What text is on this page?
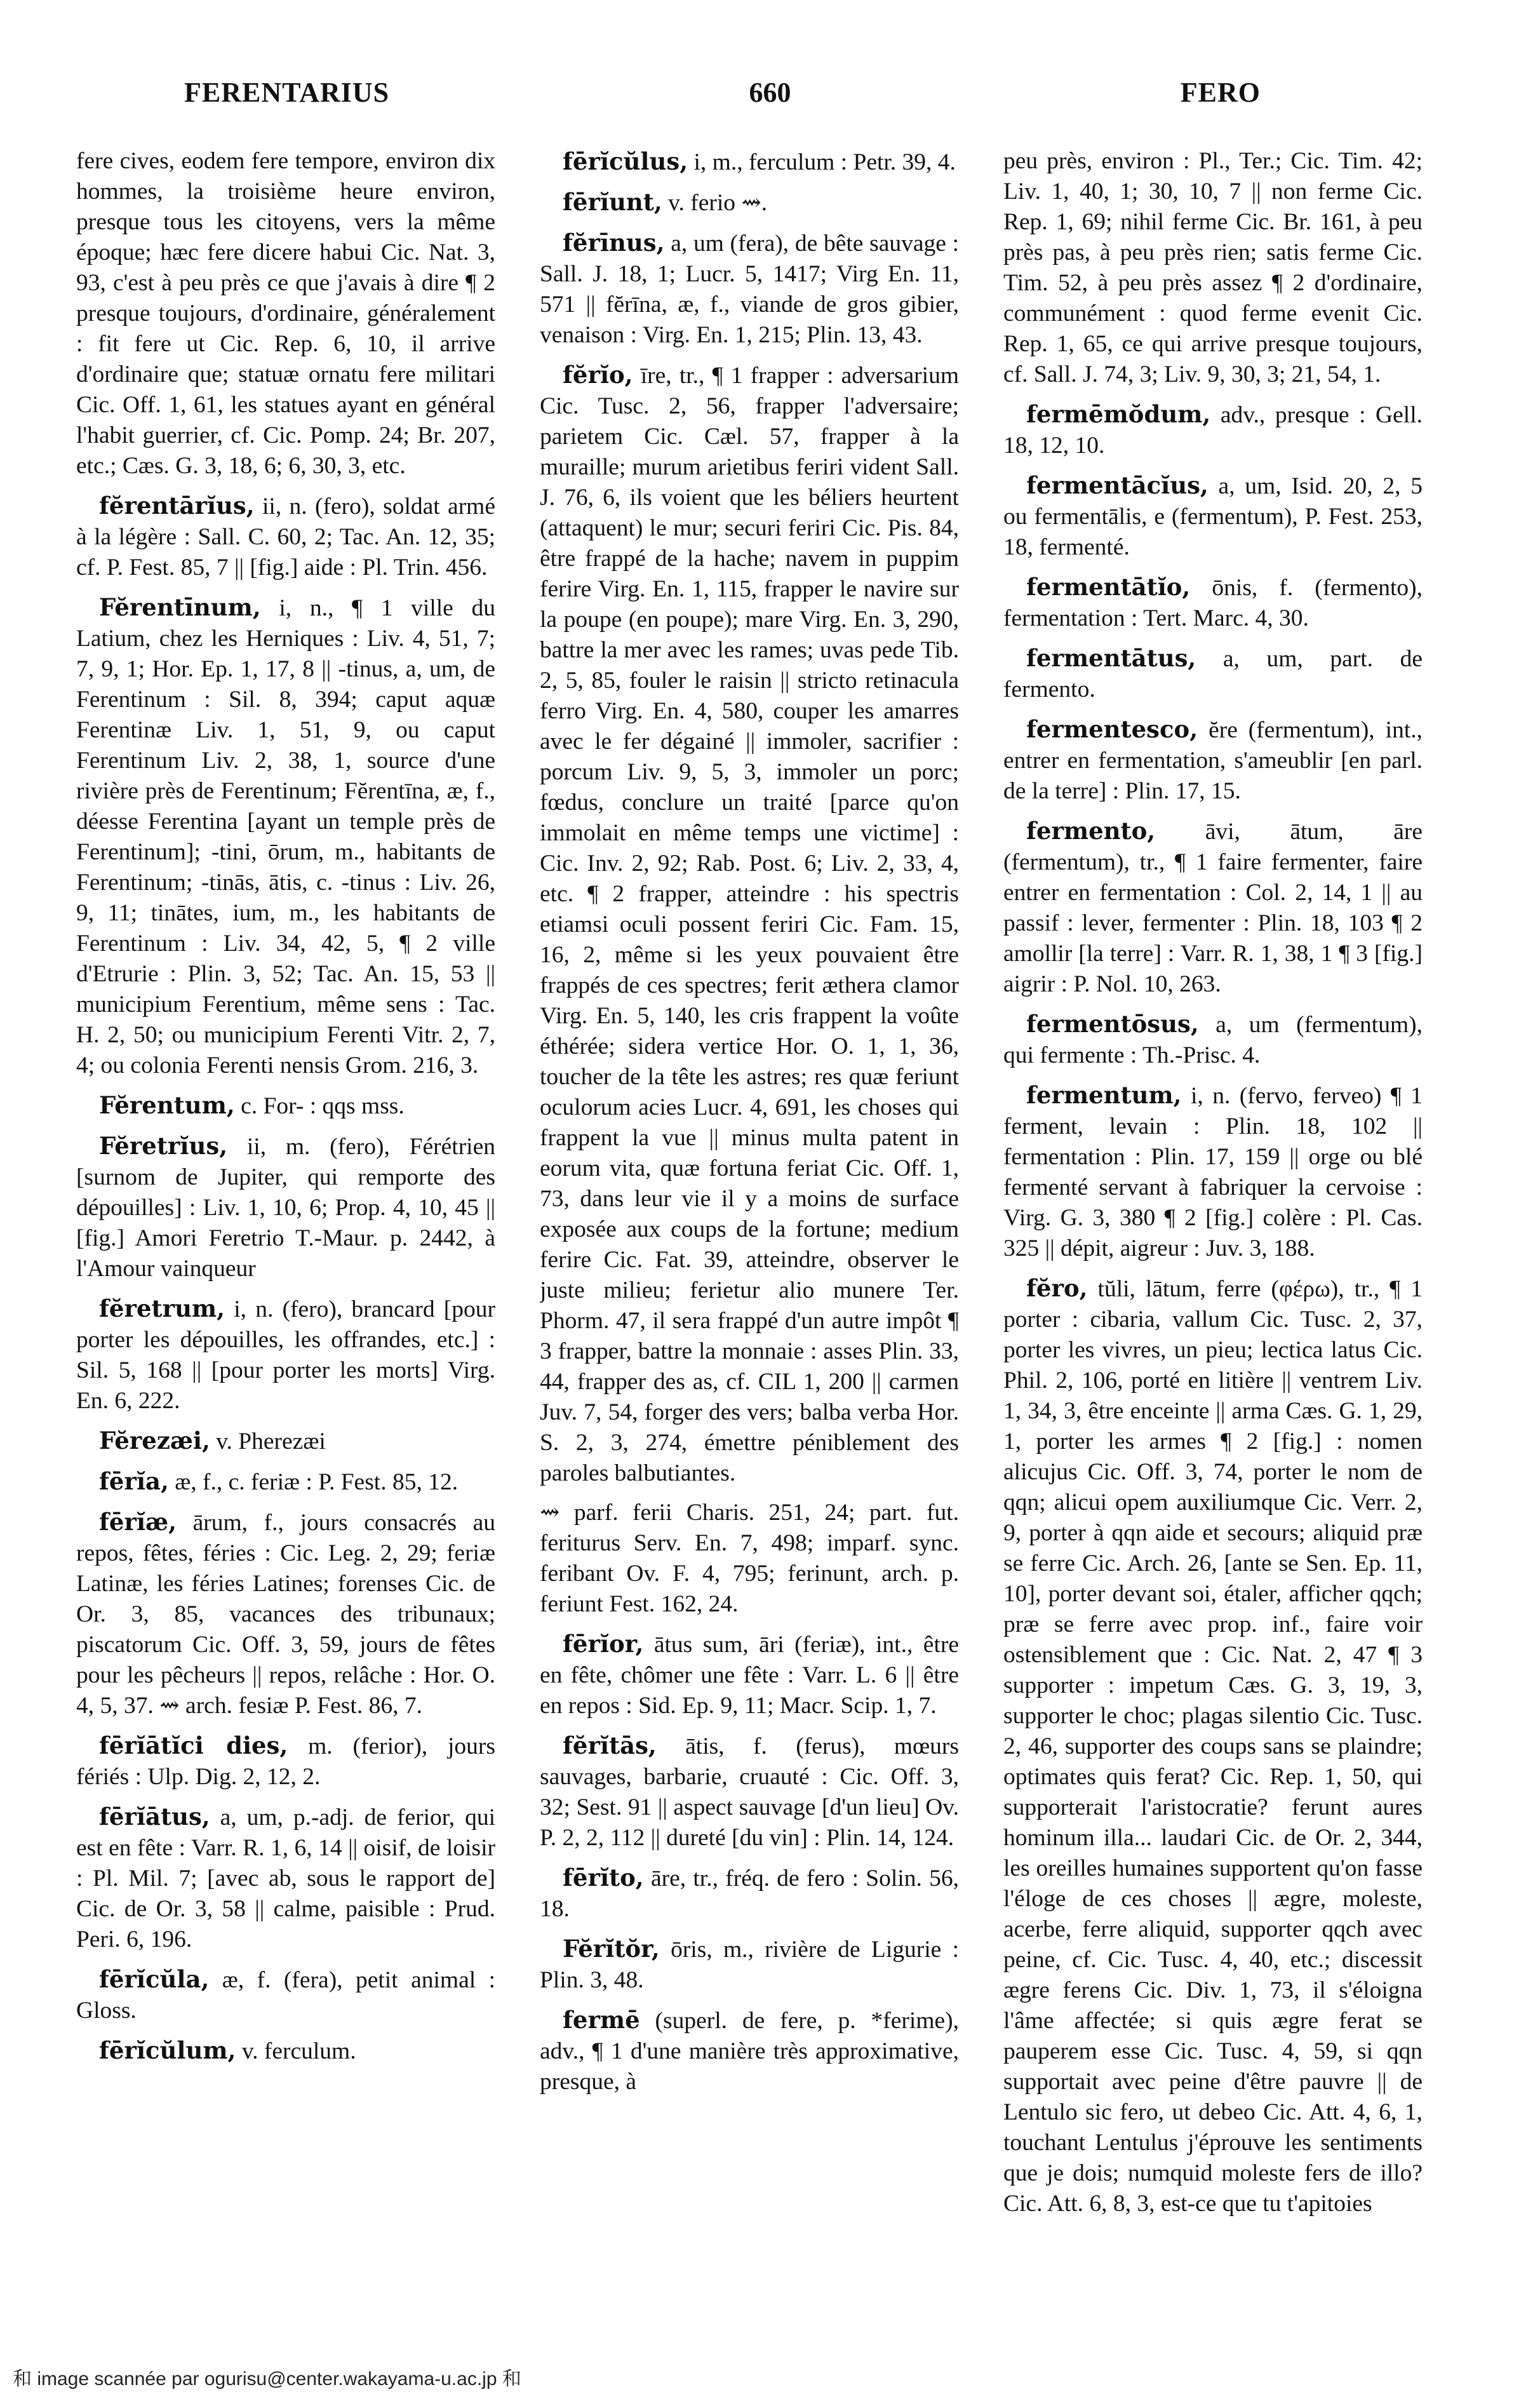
FERENTARIUS	660	FERO

fere cives, eodem fere tempore, environ dix hommes, la troisième heure environ, presque tous les citoyens, vers la même époque; hæc fere dicere habui Cic. Nat. 3, 93, c'est à peu près ce que j'avais à dire ¶ 2 presque toujours, d'ordinaire, généralement : fit fere ut Cic. Rep. 6, 10, il arrive d'ordinaire que; statuæ ornatu fere militari Cic. Off. 1, 61, les statues ayant en général l'habit guerrier, cf. Cic. Pomp. 24; Br. 207, etc.; Cæs. G. 3, 18, 6; 6, 30, 3, etc.

fĕrentārĭus, ii, n. (fero), soldat armé à la légère : Sall. C. 60, 2; Tac. An. 12, 35; cf. P. Fest. 85, 7 || [fig.] aide : Pl. Trin. 456.

Fĕrentīnum, i, n., ¶ 1 ville du Latium, chez les Herniques : Liv. 4, 51, 7; 7, 9, 1; Hor. Ep. 1, 17, 8 || -tinus, a, um, de Ferentinum : Sil. 8, 394; caput aquæ Ferentinæ Liv. 1, 51, 9, ou caput Ferentinum Liv. 2, 38, 1, source d'une rivière près de Ferentinum; Fĕrentīna, æ, f., déesse Ferentina [ayant un temple près de Ferentinum]; -tini, ōrum, m., habitants de Ferentinum; -tinās, ātis, c. -tinus : Liv. 26, 9, 11; tinātes, ium, m., les habitants de Ferentinum : Liv. 34, 42, 5, ¶ 2 ville d'Etrurie : Plin. 3, 52; Tac. An. 15, 53 || municipium Ferentium, même sens : Tac. H. 2, 50; ou municipium Ferenti Vitr. 2, 7, 4; ou colonia Ferenti nensis Grom. 216, 3.

Fĕrentum, c. For- : qqs mss.

Fĕretrĭus, ii, m. (fero), Férétrien [surnom de Jupiter, qui remporte des dépouilles] : Liv. 1, 10, 6; Prop. 4, 10, 45 || [fig.] Amori Feretrio T.-Maur. p. 2442, à l'Amour vainqueur

fĕretrum, i, n. (fero), brancard [pour porter les dépouilles, les offrandes, etc.] : Sil. 5, 168 || [pour porter les morts] Virg. En. 6, 222.

Fĕrezæi, v. Pherezæi

fērĭa, æ, f., c. feriæ : P. Fest. 85, 12.

fērĭæ, ārum, f., jours consacrés au repos, fêtes, féries : Cic. Leg. 2, 29; feriæ Latinæ, les féries Latines; forenses Cic. de Or. 3, 85, vacances des tribunaux; piscatorum Cic. Off. 3, 59, jours de fêtes pour les pêcheurs || repos, relâche : Hor. O. 4, 5, 37. ⇝ arch. fesiæ P. Fest. 86, 7.

fērĭātĭci dies, m. (ferior), jours fériés : Ulp. Dig. 2, 12, 2.

fērĭātus, a, um, p.-adj. de ferior, qui est en fête : Varr. R. 1, 6, 14 || oisif, de loisir : Pl. Mil. 7; [avec ab, sous le rapport de] Cic. de Or. 3, 58 || calme, paisible : Prud. Peri. 6, 196.

fērĭcŭla, æ, f. (fera), petit animal : Gloss.

fērĭcŭlum, v. ferculum.

fērĭcŭlus, i, m., ferculum : Petr. 39, 4.

fērĭunt, v. ferio ⇝.

fĕrīnus, a, um (fera), de bête sauvage : Sall. J. 18, 1; Lucr. 5, 1417; Virg En. 11, 571 || fĕrīna, æ, f., viande de gros gibier, venaison : Virg. En. 1, 215; Plin. 13, 43.

fĕrĭo, īre, tr., ¶ 1 frapper : adversarium Cic. Tusc. 2, 56, frapper l'adversaire; parietem Cic. Cæl. 57, frapper à la muraille; murum arietibus feriri vident Sall. J. 76, 6, ils voient que les béliers heurtent (attaquent) le mur; securi feriri Cic. Pis. 84, être frappé de la hache; navem in puppim ferire Virg. En. 1, 115, frapper le navire sur la poupe (en poupe); mare Virg. En. 3, 290, battre la mer avec les rames; uvas pede Tib. 2, 5, 85, fouler le raisin || stricto retinacula ferro Virg. En. 4, 580, couper les amarres avec le fer dégainé || immoler, sacrifier : porcum Liv. 9, 5, 3, immoler un porc; fœdus, conclure un traité [parce qu'on immolait en même temps une victime] : Cic. Inv. 2, 92; Rab. Post. 6; Liv. 2, 33, 4, etc. ¶ 2 frapper, atteindre : his spectris etiamsi oculi possent feriri Cic. Fam. 15, 16, 2, même si les yeux pouvaient être frappés de ces spectres; ferit æthera clamor Virg. En. 5, 140, les cris frappent la voûte éthérée; sidera vertice Hor. O. 1, 1, 36, toucher de la tête les astres; res quæ feriunt oculorum acies Lucr. 4, 691, les choses qui frappent la vue || minus multa patent in eorum vita, quæ fortuna feriat Cic. Off. 1, 73, dans leur vie il y a moins de surface exposée aux coups de la fortune; medium ferire Cic. Fat. 39, atteindre, observer le juste milieu; ferietur alio munere Ter. Phorm. 47, il sera frappé d'un autre impôt ¶ 3 frapper, battre la monnaie : asses Plin. 33, 44, frapper des as, cf. CIL 1, 200 || carmen Juv. 7, 54, forger des vers; balba verba Hor. S. 2, 3, 274, émettre péniblement des paroles balbutiantes.

⇝ parf. ferii Charis. 251, 24; part. fut. feriturus Serv. En. 7, 498; imparf. sync. feribant Ov. F. 4, 795; ferinunt, arch. p. feriunt Fest. 162, 24.

fērĭor, ātus sum, āri (feriæ), int., être en fête, chômer une fête : Varr. L. 6 || être en repos : Sid. Ep. 9, 11; Macr. Scip. 1, 7.

fĕrĭtās, ātis, f. (ferus), mœurs sauvages, barbarie, cruauté : Cic. Off. 3, 32; Sest. 91 || aspect sauvage [d'un lieu] Ov. P. 2, 2, 112 || dureté [du vin] : Plin. 14, 124.

fērĭto, āre, tr., fréq. de fero : Solin. 56, 18.

Fĕrĭtŏr, ōris, m., rivière de Ligurie : Plin. 3, 48.

fermē (superl. de fere, p. *ferime), adv., ¶ 1 d'une manière très approximative, presque, à

peu près, environ : Pl., Ter.; Cic. Tim. 42; Liv. 1, 40, 1; 30, 10, 7 || non ferme Cic. Rep. 1, 69; nihil ferme Cic. Br. 161, à peu près pas, à peu près rien; satis ferme Cic. Tim. 52, à peu près assez ¶ 2 d'ordinaire, communément : quod ferme evenit Cic. Rep. 1, 65, ce qui arrive presque toujours, cf. Sall. J. 74, 3; Liv. 9, 30, 3; 21, 54, 1.

fermēmŏdum, adv., presque : Gell. 18, 12, 10.

fermentācĭus, a, um, Isid. 20, 2, 5 ou fermentālis, e (fermentum), P. Fest. 253, 18, fermenté.

fermentātĭo, ōnis, f. (fermento), fermentation : Tert. Marc. 4, 30.

fermentātus, a, um, part. de fermento.

fermentesco, ĕre (fermentum), int., entrer en fermentation, s'ameublir [en parl. de la terre] : Plin. 17, 15.

fermento, āvi, ātum, āre (fermentum), tr., ¶ 1 faire fermenter, faire entrer en fermentation : Col. 2, 14, 1 || au passif : lever, fermenter : Plin. 18, 103 ¶ 2 amollir [la terre] : Varr. R. 1, 38, 1 ¶ 3 [fig.] aigrir : P. Nol. 10, 263.

fermentōsus, a, um (fermentum), qui fermente : Th.-Prisc. 4.

fermentum, i, n. (fervo, ferveo) ¶ 1 ferment, levain : Plin. 18, 102 || fermentation : Plin. 17, 159 || orge ou blé fermenté servant à fabriquer la cervoise : Virg. G. 3, 380 ¶ 2 [fig.] colère : Pl. Cas. 325 || dépit, aigreur : Juv. 3, 188.

fĕro, tŭli, lātum, ferre (φέρω), tr., ¶ 1 porter : cibaria, vallum Cic. Tusc. 2, 37, porter les vivres, un pieu; lectica latus Cic. Phil. 2, 106, porté en litière || ventrem Liv. 1, 34, 3, être enceinte || arma Cæs. G. 1, 29, 1, porter les armes ¶ 2 [fig.] : nomen alicujus Cic. Off. 3, 74, porter le nom de qqn; alicui opem auxiliumque Cic. Verr. 2, 9, porter à qqn aide et secours; aliquid præ se ferre Cic. Arch. 26, [ante se Sen. Ep. 11, 10], porter devant soi, étaler, afficher qqch; præ se ferre avec prop. inf., faire voir ostensiblement que : Cic. Nat. 2, 47 ¶ 3 supporter : impetum Cæs. G. 3, 19, 3, supporter le choc; plagas silentio Cic. Tusc. 2, 46, supporter des coups sans se plaindre; optimates quis ferat? Cic. Rep. 1, 50, qui supporterait l'aristocratie? ferunt aures hominum illa... laudari Cic. de Or. 2, 344, les oreilles humaines supportent qu'on fasse l'éloge de ces choses || ægre, moleste, acerbe, ferre aliquid, supporter qqch avec peine, cf. Cic. Tusc. 4, 40, etc.; discessit ægre ferens Cic. Div. 1, 73, il s'éloigna l'âme affectée; si quis ægre ferat se pauperem esse Cic. Tusc. 4, 59, si qqn supportait avec peine d'être pauvre || de Lentulo sic fero, ut debeo Cic. Att. 4, 6, 1, touchant Lentulus j'éprouve les sentiments que je dois; numquid moleste fers de illo? Cic. Att. 6, 8, 3, est-ce que tu t'apitoies

和 image scannée par ogurisu@center.wakayama-u.ac.jp 和
